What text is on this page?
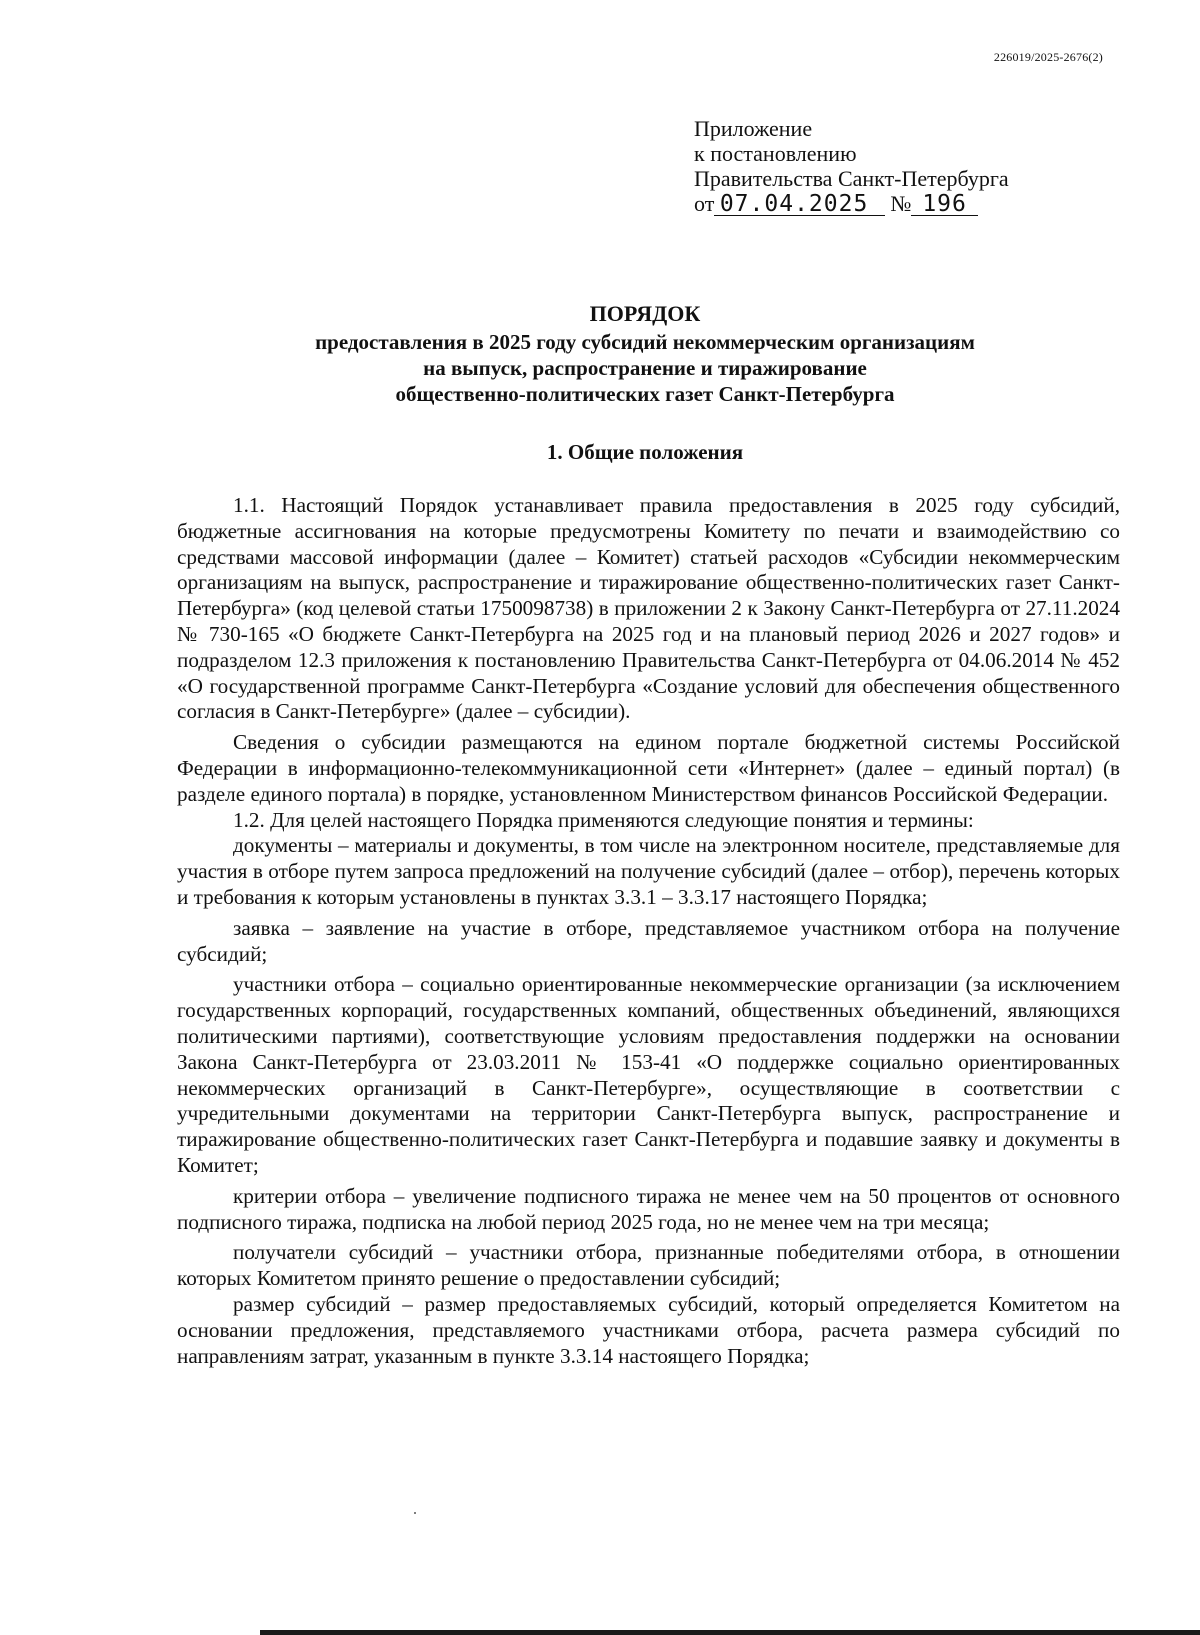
226019/2025-2676(2)
Приложение
к постановлению
Правительства Санкт-Петербурга
от 07.04.2025 № 196
ПОРЯДОК
предоставления в 2025 году субсидий некоммерческим организациям
на выпуск, распространение и тиражирование
общественно-политических газет Санкт-Петербурга
1. Общие положения

1.1. Настоящий Порядок устанавливает правила предоставления в 2025 году субсидий, бюджетные ассигнования на которые предусмотрены Комитету по печати и взаимодействию со средствами массовой информации (далее – Комитет) статьей расходов «Субсидии некоммерческим организациям на выпуск, распространение и тиражирование общественно-политических газет Санкт-Петербурга» (код целевой статьи 1750098738) в приложении 2 к Закону Санкт-Петербурга от 27.11.2024 № 730-165 «О бюджете Санкт-Петербурга на 2025 год и на плановый период 2026 и 2027 годов» и подразделом 12.3 приложения к постановлению Правительства Санкт-Петербурга от 04.06.2014 № 452 «О государственной программе Санкт-Петербурга «Создание условий для обеспечения общественного согласия в Санкт-Петербурге» (далее – субсидии).

Сведения о субсидии размещаются на едином портале бюджетной системы Российской Федерации в информационно-телекоммуникационной сети «Интернет» (далее – единый портал) (в разделе единого портала) в порядке, установленном Министерством финансов Российской Федерации.

1.2. Для целей настоящего Порядка применяются следующие понятия и термины:

документы – материалы и документы, в том числе на электронном носителе, представляемые для участия в отборе путем запроса предложений на получение субсидий (далее – отбор), перечень которых и требования к которым установлены в пунктах 3.3.1 – 3.3.17 настоящего Порядка;

заявка – заявление на участие в отборе, представляемое участником отбора на получение субсидий;

участники отбора – социально ориентированные некоммерческие организации (за исключением государственных корпораций, государственных компаний, общественных объединений, являющихся политическими партиями), соответствующие условиям предоставления поддержки на основании Закона Санкт-Петербурга от 23.03.2011 № 153-41 «О поддержке социально ориентированных некоммерческих организаций в Санкт-Петербурге», осуществляющие в соответствии с учредительными документами на территории Санкт-Петербурга выпуск, распространение и тиражирование общественно-политических газет Санкт-Петербурга и подавшие заявку и документы в Комитет;

критерии отбора – увеличение подписного тиража не менее чем на 50 процентов от основного подписного тиража, подписка на любой период 2025 года, но не менее чем на три месяца;

получатели субсидий – участники отбора, признанные победителями отбора, в отношении которых Комитетом принято решение о предоставлении субсидий;

размер субсидий – размер предоставляемых субсидий, который определяется Комитетом на основании предложения, представляемого участниками отбора, расчета размера субсидий по направлениям затрат, указанным в пункте 3.3.14 настоящего Порядка;
